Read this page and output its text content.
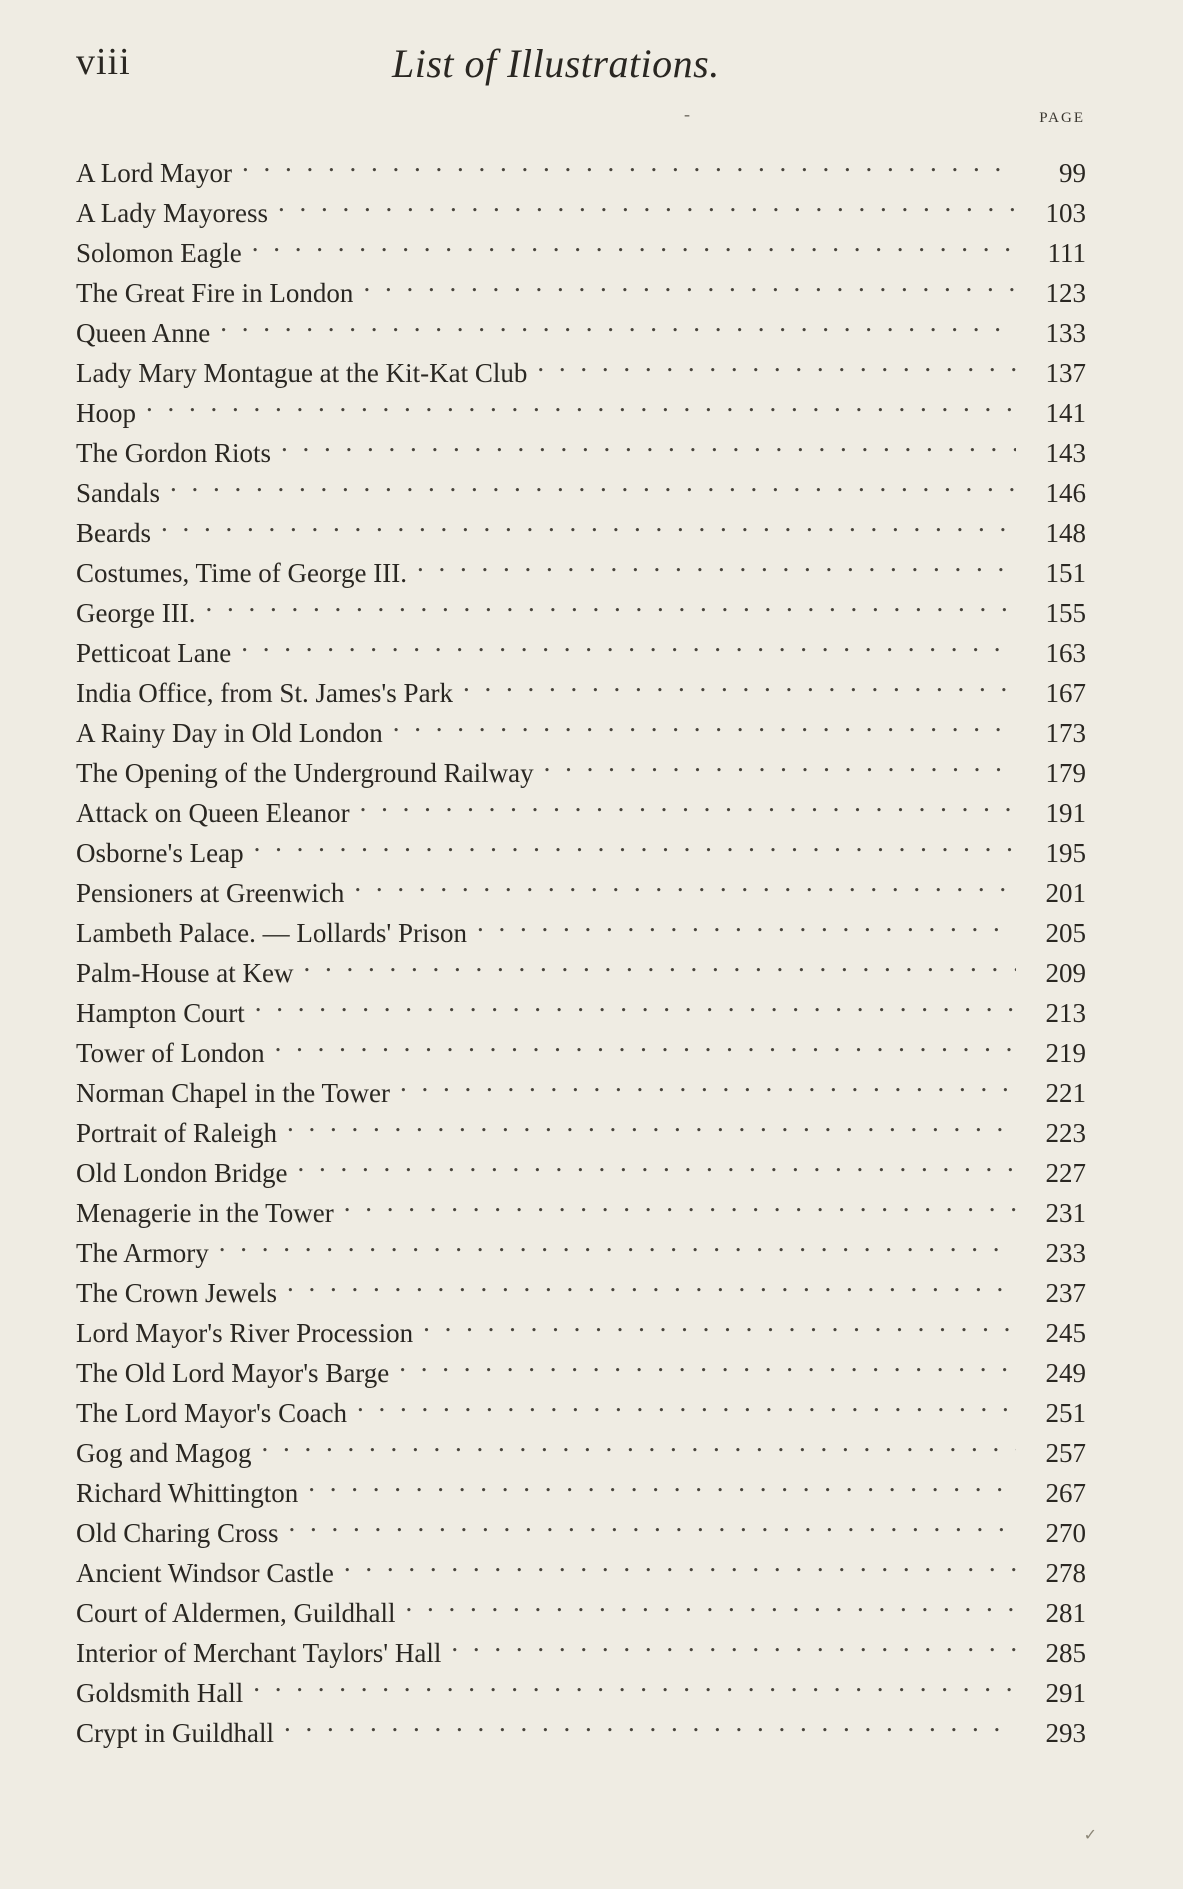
viii	List of Illustrations.
-	PAGE
A Lord Mayor . . .	99
A Lady Mayoress . . .	103
Solomon Eagle . . .	111
The Great Fire in London . . .	123
Queen Anne . . .	133
Lady Mary Montague at the Kit-Kat Club . . .	137
Hoop . . .	141
The Gordon Riots . . .	143
Sandals . . .	146
Beards . . .	148
Costumes, Time of George III. . . .	151
George III. . . .	155
Petticoat Lane . . .	163
India Office, from St. James's Park . . .	167
A Rainy Day in Old London . . .	173
The Opening of the Underground Railway . . .	179
Attack on Queen Eleanor . . .	191
Osborne's Leap . . .	195
Pensioners at Greenwich . . .	201
Lambeth Palace. — Lollards' Prison . . .	205
Palm-House at Kew . . .	209
Hampton Court . . .	213
Tower of London . . .	219
Norman Chapel in the Tower . . .	221
Portrait of Raleigh . . .	223
Old London Bridge . . .	227
Menagerie in the Tower . . .	231
The Armory . . .	233
The Crown Jewels . . .	237
Lord Mayor's River Procession . . .	245
The Old Lord Mayor's Barge . . .	249
The Lord Mayor's Coach . . .	251
Gog and Magog . . .	257
Richard Whittington . . .	267
Old Charing Cross . . .	270
Ancient Windsor Castle . . .	278
Court of Aldermen, Guildhall . . .	281
Interior of Merchant Taylors' Hall . . .	285
Goldsmith Hall . . .	291
Crypt in Guildhall . . .	293
✓
